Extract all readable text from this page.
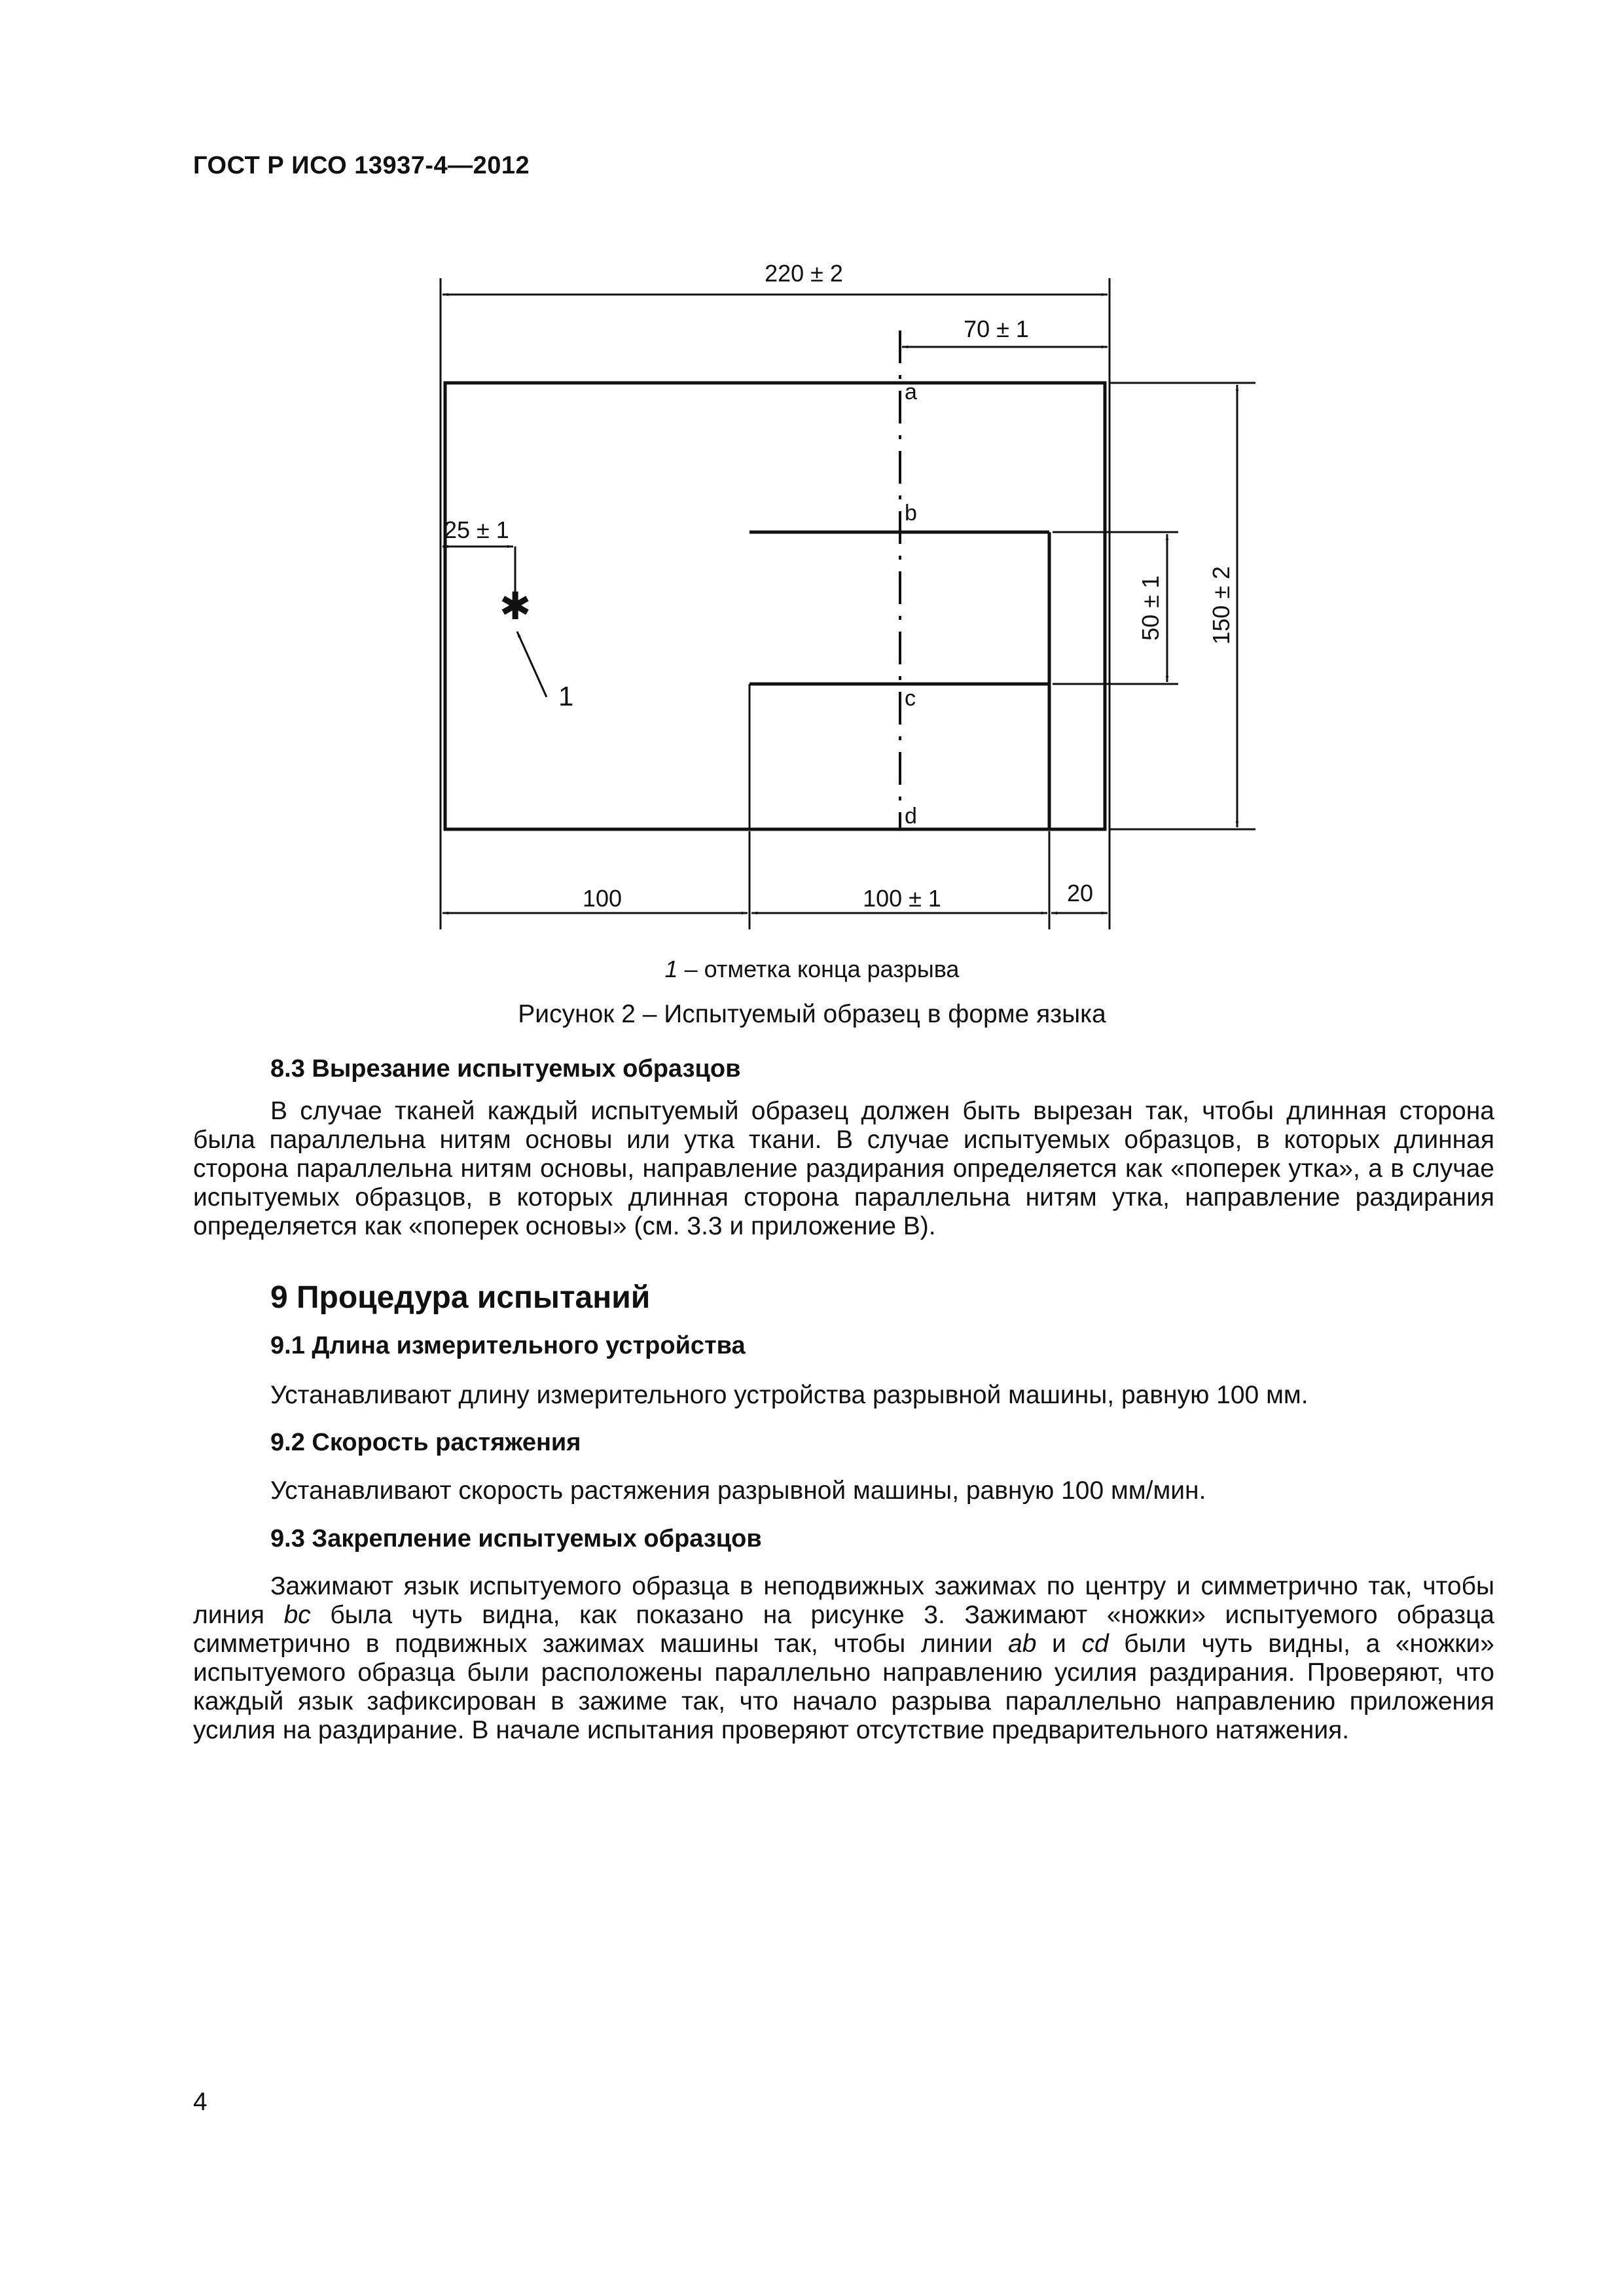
ГОСТ Р ИСО 13937-4—2012
220 ± 2
70 ± 1
25 ± 1
100	100 ± 1	20
50 ± 1 150 ± 2
a
b
c
d
✱
1
1 – отметка конца разрыва
Рисунок 2 – Испытуемый образец в форме языка
8.3 Вырезание испытуемых образцов

В случае тканей каждый испытуемый образец должен быть вырезан так, чтобы длинная сторона была параллельна нитям основы или утка ткани. В случае испытуемых образцов, в которых длинная сторона параллельна нитям основы, направление раздирания определяется как «поперек утка», а в случае испытуемых образцов, в которых длинная сторона параллельна нитям утка, направление раздирания определяется как «поперек основы» (см. 3.3 и приложение В).

9 Процедура испытаний
9.1 Длина измерительного устройства
Устанавливают длину измерительного устройства разрывной машины, равную 100 мм.
9.2 Скорость растяжения
Устанавливают скорость растяжения разрывной машины, равную 100 мм/мин.
9.3 Закрепление испытуемых образцов

Зажимают язык испытуемого образца в неподвижных зажимах по центру и симметрично так, чтобы линия bc была чуть видна, как показано на рисунке 3. Зажимают «ножки» испытуемого образца симметрично в подвижных зажимах машины так, чтобы линии ab и cd были чуть видны, а «ножки» испытуемого образца были расположены параллельно направлению усилия раздирания. Проверяют, что каждый язык зафиксирован в зажиме так, что начало разрыва параллельно направлению приложения усилия на раздирание. В начале испытания проверяют отсутствие предварительного натяжения.

4
